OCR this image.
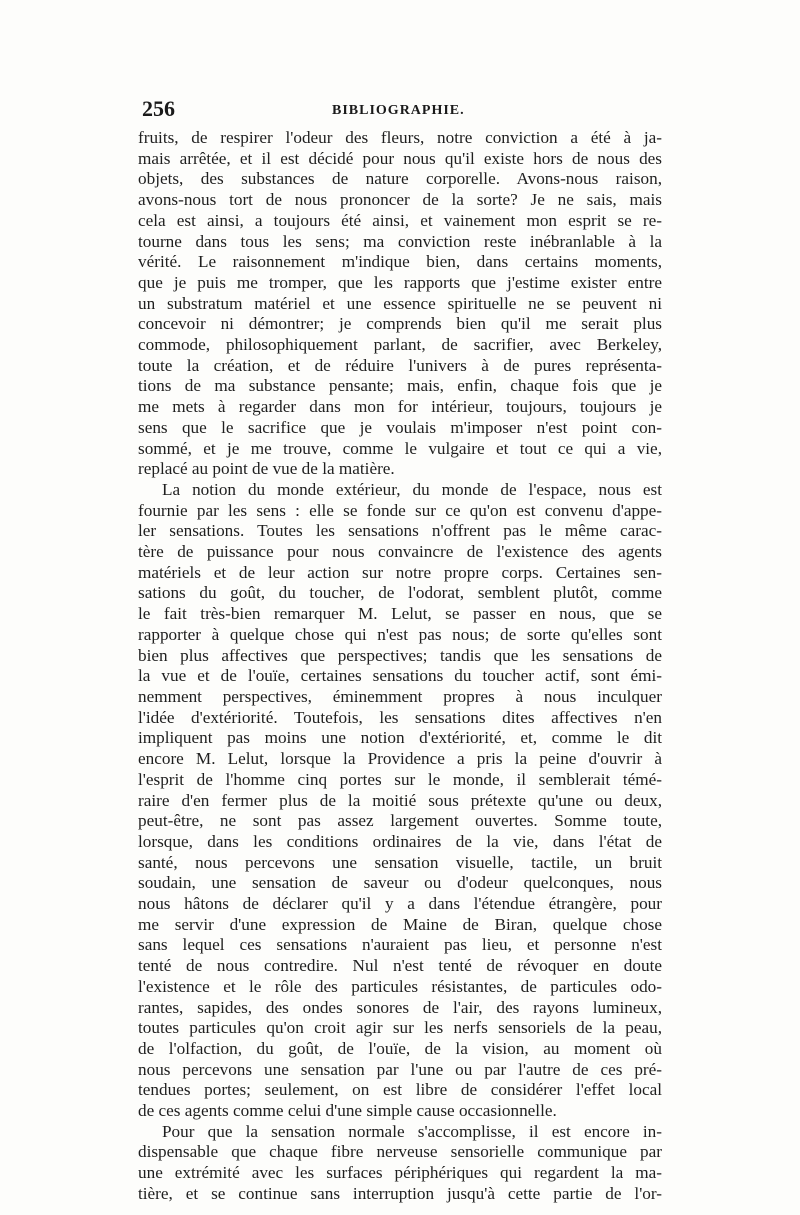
256	BIBLIOGRAPHIE.
fruits, de respirer l'odeur des fleurs, notre conviction a été à ja-
mais arrêtée, et il est décidé pour nous qu'il existe hors de nous des
objets, des substances de nature corporelle. Avons-nous raison,
avons-nous tort de nous prononcer de la sorte? Je ne sais, mais
cela est ainsi, a toujours été ainsi, et vainement mon esprit se re-
tourne dans tous les sens; ma conviction reste inébranlable à la
vérité. Le raisonnement m'indique bien, dans certains moments,
que je puis me tromper, que les rapports que j'estime exister entre
un substratum matériel et une essence spirituelle ne se peuvent ni
concevoir ni démontrer; je comprends bien qu'il me serait plus
commode, philosophiquement parlant, de sacrifier, avec Berkeley,
toute la création, et de réduire l'univers à de pures représenta-
tions de ma substance pensante; mais, enfin, chaque fois que je
me mets à regarder dans mon for intérieur, toujours, toujours je
sens que le sacrifice que je voulais m'imposer n'est point con-
sommé, et je me trouve, comme le vulgaire et tout ce qui a vie,
replacé au point de vue de la matière.
La notion du monde extérieur, du monde de l'espace, nous est
fournie par les sens : elle se fonde sur ce qu'on est convenu d'appe-
ler sensations. Toutes les sensations n'offrent pas le même carac-
tère de puissance pour nous convaincre de l'existence des agents
matériels et de leur action sur notre propre corps. Certaines sen-
sations du goût, du toucher, de l'odorat, semblent plutôt, comme
le fait très-bien remarquer M. Lelut, se passer en nous, que se
rapporter à quelque chose qui n'est pas nous; de sorte qu'elles sont
bien plus affectives que perspectives; tandis que les sensations de
la vue et de l'ouïe, certaines sensations du toucher actif, sont émi-
nemment perspectives, éminemment propres à nous inculquer
l'idée d'extériorité. Toutefois, les sensations dites affectives n'en
impliquent pas moins une notion d'extériorité, et, comme le dit
encore M. Lelut, lorsque la Providence a pris la peine d'ouvrir à
l'esprit de l'homme cinq portes sur le monde, il semblerait témé-
raire d'en fermer plus de la moitié sous prétexte qu'une ou deux,
peut-être, ne sont pas assez largement ouvertes. Somme toute,
lorsque, dans les conditions ordinaires de la vie, dans l'état de
santé, nous percevons une sensation visuelle, tactile, un bruit
soudain, une sensation de saveur ou d'odeur quelconques, nous
nous hâtons de déclarer qu'il y a dans l'étendue étrangère, pour
me servir d'une expression de Maine de Biran, quelque chose
sans lequel ces sensations n'auraient pas lieu, et personne n'est
tenté de nous contredire. Nul n'est tenté de révoquer en doute
l'existence et le rôle des particules résistantes, de particules odo-
rantes, sapides, des ondes sonores de l'air, des rayons lumineux,
toutes particules qu'on croit agir sur les nerfs sensoriels de la peau,
de l'olfaction, du goût, de l'ouïe, de la vision, au moment où
nous percevons une sensation par l'une ou par l'autre de ces pré-
tendues portes; seulement, on est libre de considérer l'effet local
de ces agents comme celui d'une simple cause occasionnelle.
Pour que la sensation normale s'accomplisse, il est encore in-
dispensable que chaque fibre nerveuse sensorielle communique par
une extrémité avec les surfaces périphériques qui regardent la ma-
tière, et se continue sans interruption jusqu'à cette partie de l'or-
